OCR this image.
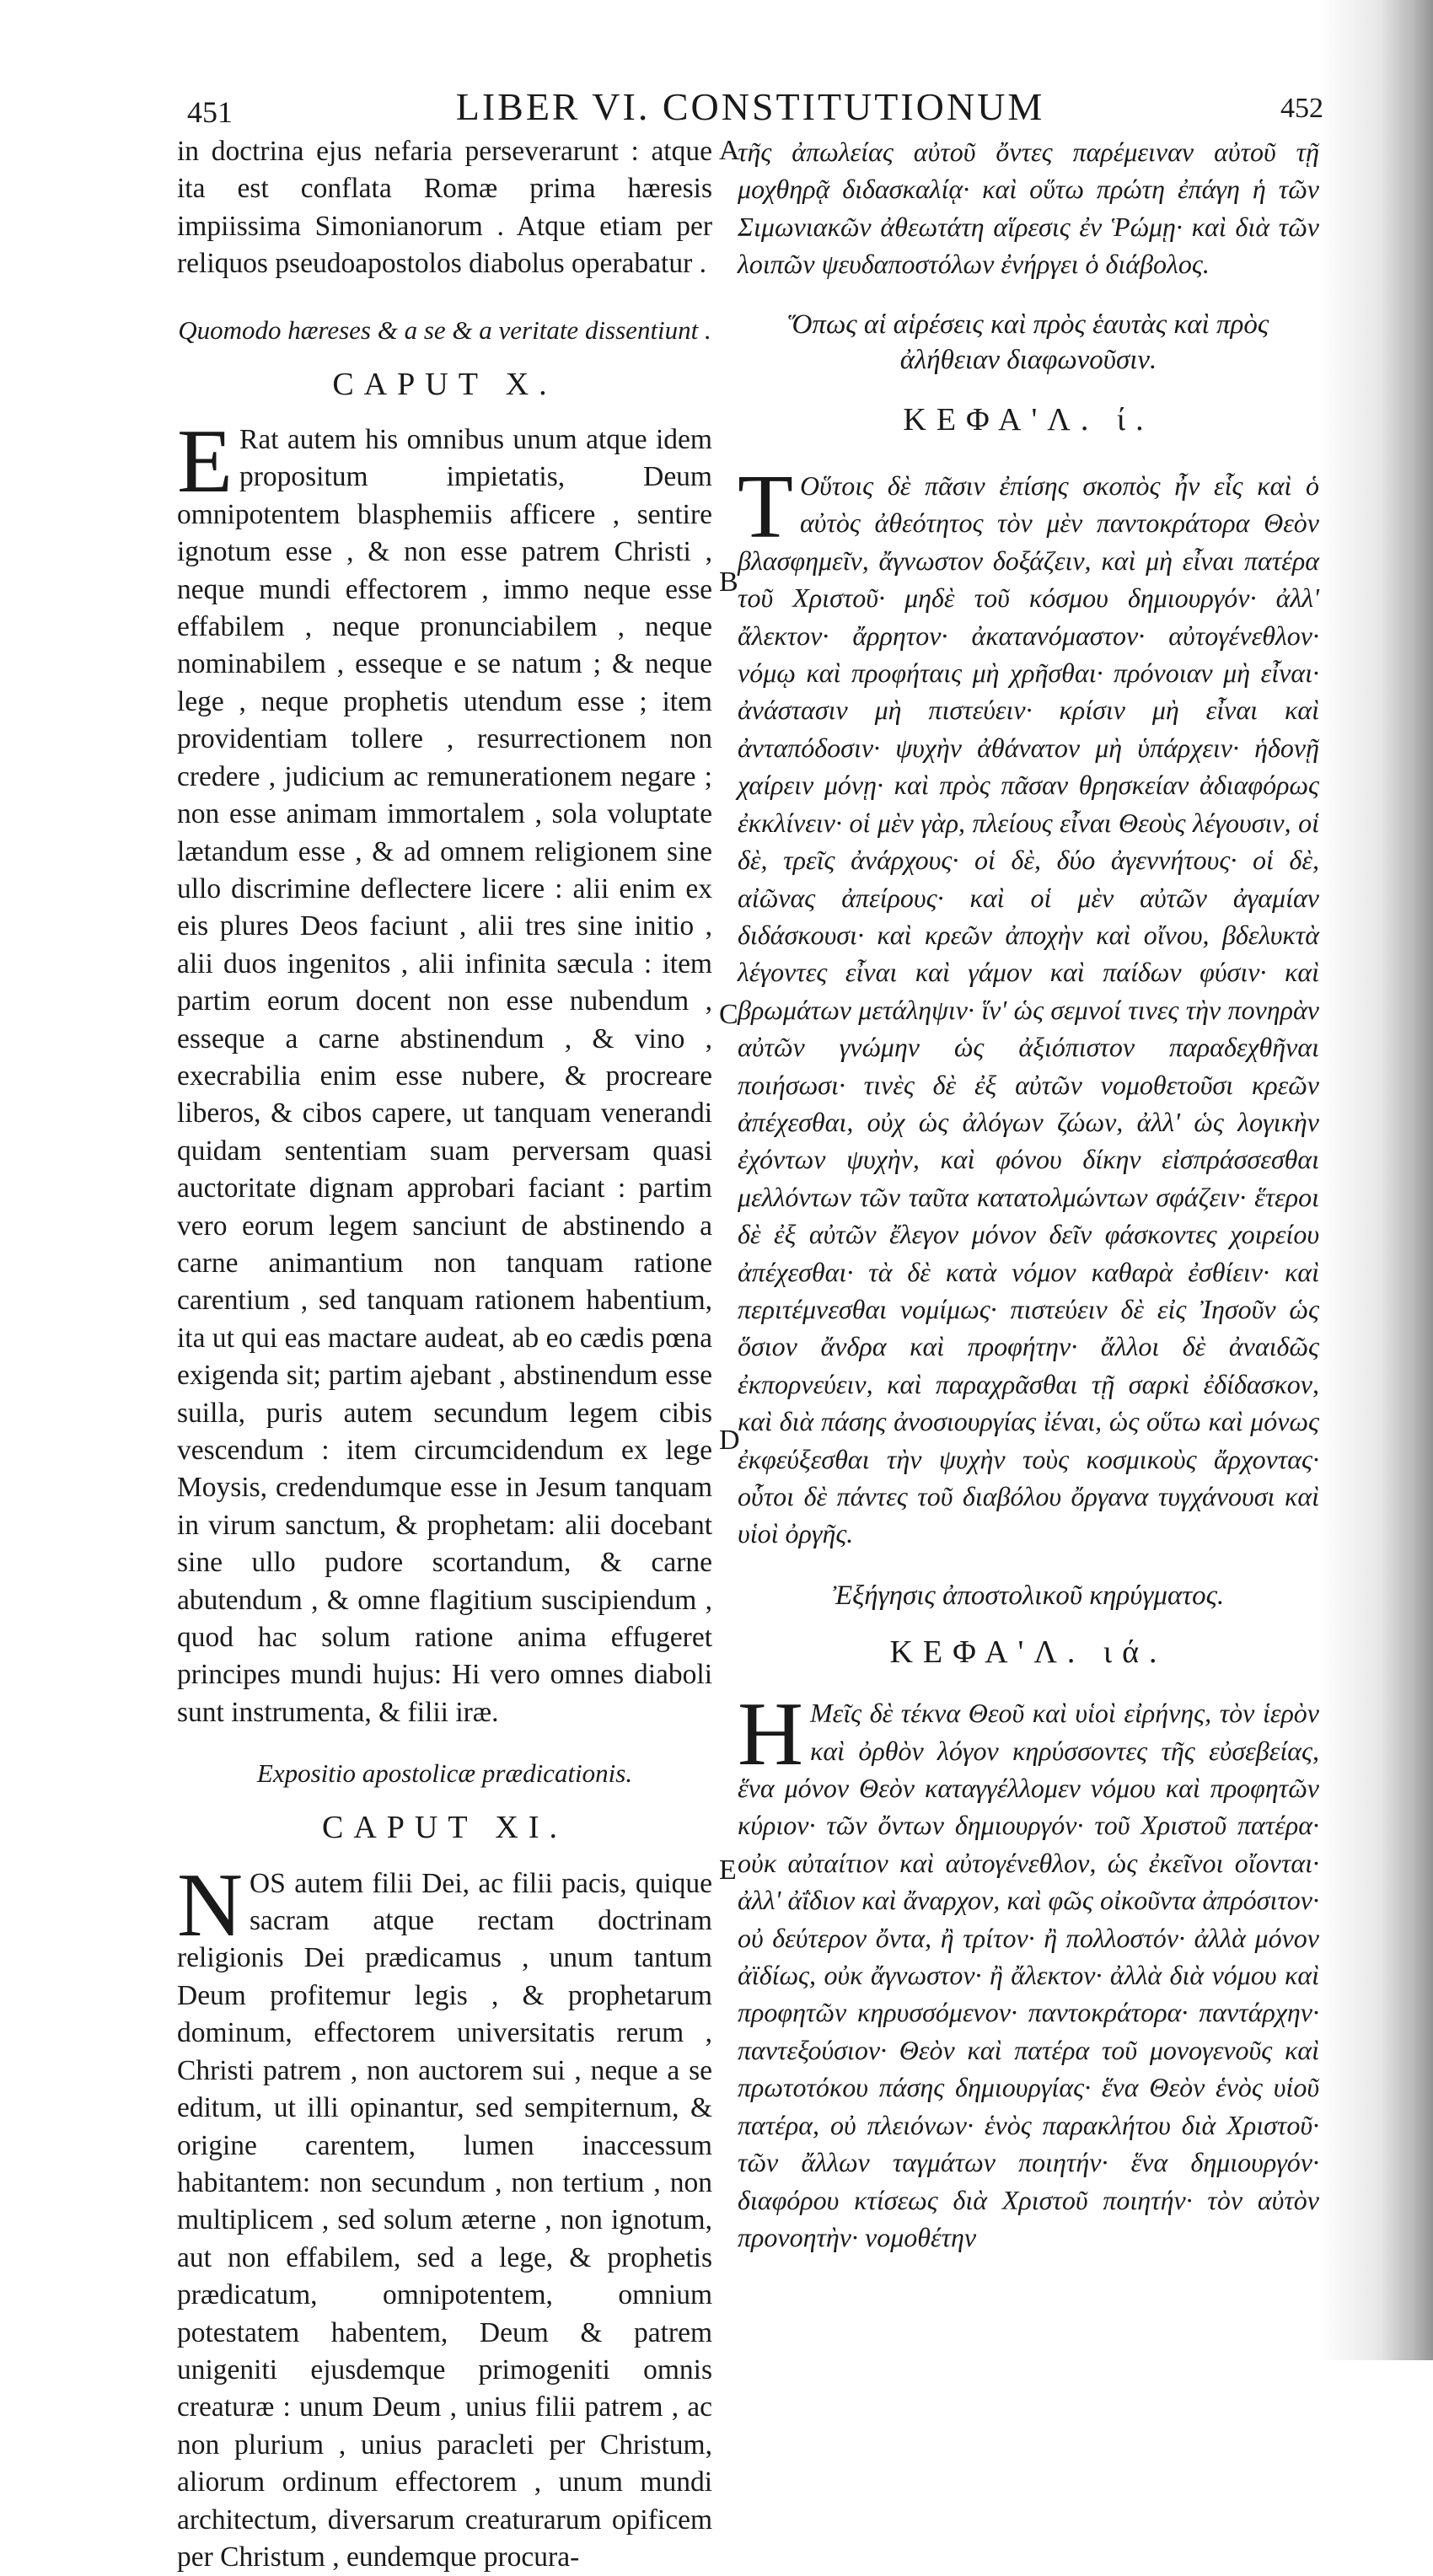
451	LIBER VI. CONSTITUTIONUM	452

in doctrina ejus nefaria perseverarunt : atque ita est conflata Romæ prima hæresis impiissima Simonianorum . Atque etiam per reliquos pseudoapostolos diabolus operabatur .

Quomodo hæreses & a se & a veritate dissentiunt .

CAPUT X.

E Rat autem his omnibus unum atque idem propositum impietatis, Deum omnipotentem blasphemiis afficere , sentire ignotum esse , & non esse patrem Christi , neque mundi effectorem , immo neque esse effabilem , neque pronunciabilem , neque nominabilem , esseque e se natum ; & neque lege , neque prophetis utendum esse ; item providentiam tollere , resurrectionem non credere , judicium ac remunerationem negare ; non esse animam immortalem , sola voluptate lætandum esse , & ad omnem religionem sine ullo discrimine deflectere licere : alii enim ex eis plures Deos faciunt , alii tres sine initio , alii duos ingenitos , alii infinita sæcula : item partim eorum docent non esse nubendum , esseque a carne abstinendum , & vino , execrabilia enim esse nubere, & procreare liberos, & cibos capere, ut tanquam venerandi quidam sententiam suam perversam quasi auctoritate dignam approbari faciant : partim vero eorum legem sanciunt de abstinendo a carne animantium non tanquam ratione carentium , sed tanquam rationem habentium, ita ut qui eas mactare audeat, ab eo cædis pœna exigenda sit; partim ajebant , abstinendum esse suilla, puris autem secundum legem cibis vescendum : item circumcidendum ex lege Moysis, credendumque esse in Jesum tanquam in virum sanctum, & prophetam: alii docebant sine ullo pudore scortandum, & carne abutendum , & omne flagitium suscipiendum , quod hac solum ratione anima effugeret principes mundi hujus: Hi vero omnes diaboli sunt instrumenta, & filii iræ.

Expositio apostolicæ prædicationis.

CAPUT XI.

NOS autem filii Dei, ac filii pacis, quique sacram atque rectam doctrinam religionis Dei prædicamus , unum tantum Deum profitemur legis , & prophetarum dominum, effectorem universitatis rerum , Christi patrem , non auctorem sui , neque a se editum, ut illi opinantur, sed sempiternum, & origine carentem, lumen inaccessum habitantem: non secundum , non tertium , non multiplicem , sed solum æterne , non ignotum, aut non effabilem, sed a lege, & prophetis prædicatum, omnipotentem, omnium potestatem habentem, Deum & patrem unigeniti ejusdemque primogeniti omnis creaturæ : unum Deum , unius filii patrem , ac non plurium , unius paracleti per Christum, aliorum ordinum effectorem , unum mundi architectum, diversarum creaturarum opificem per Christum , eundemque procura-

A
B
C
D
E

τῆς ἀπωλείας αὐτοῦ ὄντες παρέμειναν αὐτοῦ τῇ μοχθηρᾷ διδασκαλίᾳ· καὶ οὕτω πρώτη ἐπάγη ἡ τῶν Σιμωνιακῶν ἀθεωτάτη αἵρεσις ἐν Ῥώμῃ· καὶ διὰ τῶν λοιπῶν ψευδαποστόλων ἐνήργει ὁ διάβολος.

Ὅπως αἱ αἱρέσεις καὶ πρὸς ἑαυτὰς καὶ πρὸς ἀλήθειαν διαφωνοῦσιν.

ΚΕΦΑ'Λ. ί.

Τ Οὕτοις δὲ πᾶσιν ἐπίσης σκοπὸς ἦν εἷς καὶ ὁ αὐτὸς ἀθεότητος τὸν μὲν παντοκράτορα Θεὸν βλασφημεῖν, ἄγνωστον δοξάζειν, καὶ μὴ εἶναι πατέρα τοῦ Χριστοῦ· μηδὲ τοῦ κόσμου δημιουργόν· ἀλλ' ἄλεκτον· ἄρρητον· ἀκατανόμαστον· αὐτογένεθλον· νόμῳ καὶ προφήταις μὴ χρῆσθαι· πρόνοιαν μὴ εἶναι· ἀνάστασιν μὴ πιστεύειν· κρίσιν μὴ εἶναι καὶ ἀνταπόδοσιν· ψυχὴν ἀθάνατον μὴ ὑπάρχειν· ἡδονῇ χαίρειν μόνῃ· καὶ πρὸς πᾶσαν θρησκείαν ἀδιαφόρως ἐκκλίνειν· οἱ μὲν γὰρ, πλείους εἶναι Θεοὺς λέγουσιν, οἱ δὲ, τρεῖς ἀνάρχους· οἱ δὲ, δύο ἀγεννήτους· οἱ δὲ, αἰῶνας ἀπείρους· καὶ οἱ μὲν αὐτῶν ἀγαμίαν διδάσκουσι· καὶ κρεῶν ἀποχὴν καὶ οἴνου, βδελυκτὰ λέγοντες εἶναι καὶ γάμον καὶ παίδων φύσιν· καὶ βρωμάτων μετάληψιν· ἵν' ὡς σεμνοί τινες τὴν πονηρὰν αὐτῶν γνώμην ὡς ἀξιόπιστον παραδεχθῆναι ποιήσωσι· τινὲς δὲ ἐξ αὐτῶν νομοθετοῦσι κρεῶν ἀπέχεσθαι, οὐχ ὡς ἀλόγων ζώων, ἀλλ' ὡς λογικὴν ἐχόντων ψυχὴν, καὶ φόνου δίκην εἰσπράσσεσθαι μελλόντων τῶν ταῦτα κατατολμώντων σφάζειν· ἕτεροι δὲ ἐξ αὐτῶν ἔλεγον μόνον δεῖν φάσκοντες χοιρείου ἀπέχεσθαι· τὰ δὲ κατὰ νόμον καθαρὰ ἐσθίειν· καὶ περιτέμνεσθαι νομίμως· πιστεύειν δὲ εἰς Ἰησοῦν ὡς ὅσιον ἄνδρα καὶ προφήτην· ἄλλοι δὲ ἀναιδῶς ἐκπορνεύειν, καὶ παραχρᾶσθαι τῇ σαρκὶ ἐδίδασκον, καὶ διὰ πάσης ἀνοσιουργίας ἰέναι, ὡς οὕτω καὶ μόνως ἐκφεύξεσθαι τὴν ψυχὴν τοὺς κοσμικοὺς ἄρχοντας· οὗτοι δὲ πάντες τοῦ διαβόλου ὄργανα τυγχάνουσι καὶ υἱοὶ ὀργῆς.

Ἐξήγησις ἀποστολικοῦ κηρύγματος.

ΚΕΦΑ'Λ. ιά.

Η Μεῖς δὲ τέκνα Θεοῦ καὶ υἱοὶ εἰρήνης, τὸν ἱερὸν καὶ ὀρθὸν λόγον κηρύσσοντες τῆς εὐσεβείας, ἕνα μόνον Θεὸν καταγγέλλομεν νόμου καὶ προφητῶν κύριον· τῶν ὄντων δημιουργόν· τοῦ Χριστοῦ πατέρα· οὐκ αὐταίτιον καὶ αὐτογένεθλον, ὡς ἐκεῖνοι οἴονται· ἀλλ' ἀΐδιον καὶ ἄναρχον, καὶ φῶς οἰκοῦντα ἀπρόσιτον· οὐ δεύτερον ὄντα, ἢ τρίτον· ἢ πολλοστόν· ἀλλὰ μόνον ἀϊδίως, οὐκ ἄγνωστον· ἢ ἄλεκτον· ἀλλὰ διὰ νόμου καὶ προφητῶν κηρυσσόμενον· παντοκράτορα· παντάρχην· παντεξούσιον· Θεὸν καὶ πατέρα τοῦ μονογενοῦς καὶ πρωτοτόκου πάσης δημιουργίας· ἕνα Θεὸν ἑνὸς υἱοῦ πατέρα, οὐ πλειόνων· ἑνὸς παρακλήτου διὰ Χριστοῦ· τῶν ἄλλων ταγμάτων ποιητήν· ἕνα δημιουργόν· διαφόρου κτίσεως διὰ Χριστοῦ ποιητήν· τὸν αὐτὸν προνοητὴν· νομοθέτην
